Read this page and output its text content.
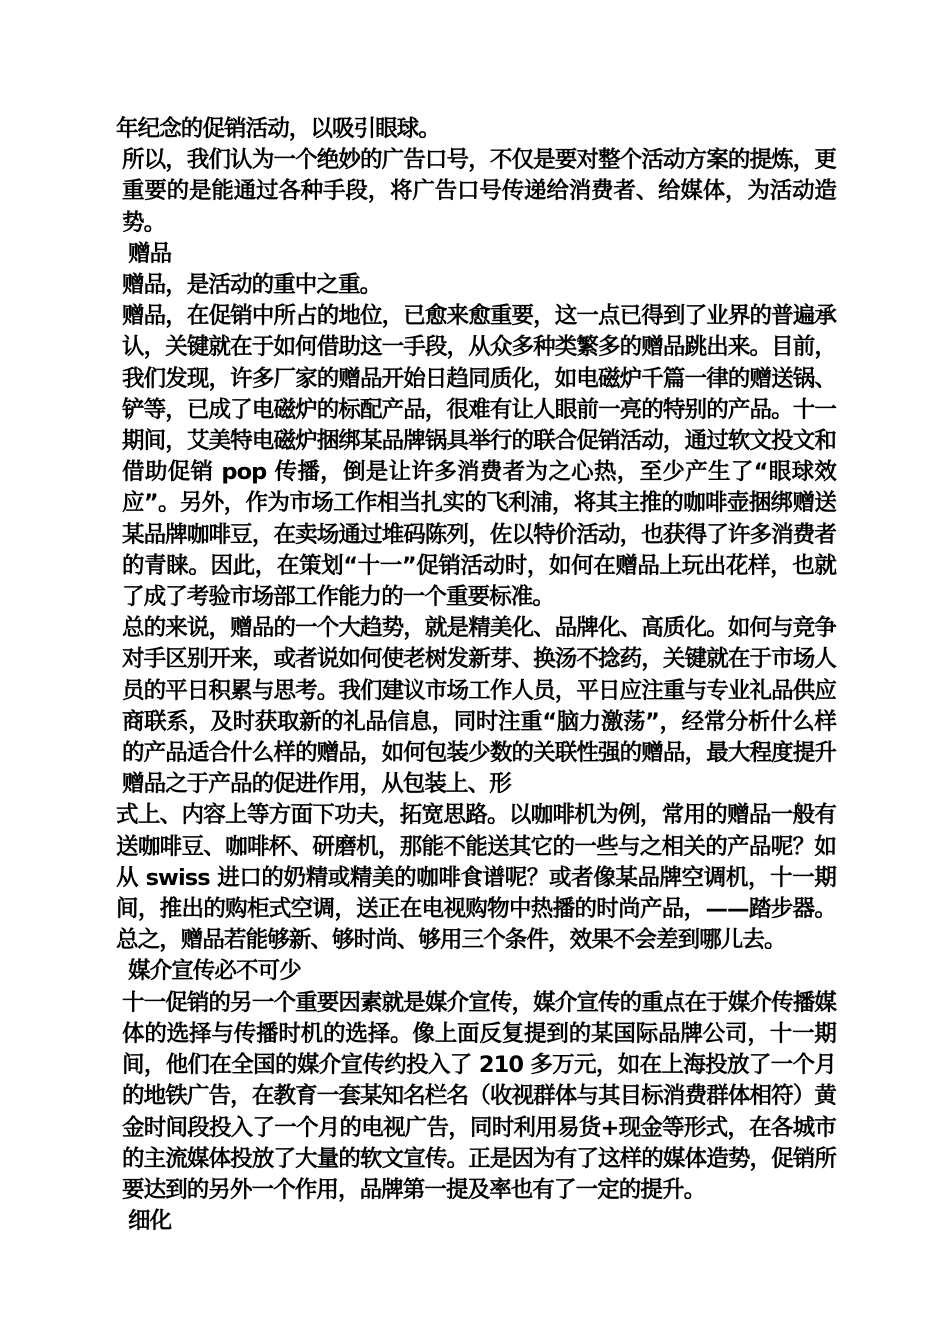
年纪念的促销活动，以吸引眼球。

所以，我们认为一个绝妙的广告口号，不仅是要对整个活动方案的提炼，更重要的是能通过各种手段，将广告口号传递给消费者、给媒体，为活动造势。

赠品

赠品，是活动的重中之重。

赠品，在促销中所占的地位，已愈来愈重要，这一点已得到了业界的普遍承认，关键就在于如何借助这一手段，从众多种类繁多的赠品跳出来。目前，我们发现，许多厂家的赠品开始日趋同质化，如电磁炉千篇一律的赠送锅、铲等，已成了电磁炉的标配产品，很难有让人眼前一亮的特别的产品。十一期间，艾美特电磁炉捆绑某品牌锅具举行的联合促销活动，通过软文投文和借助促销 pop 传播，倒是让许多消费者为之心热，至少产生了“眼球效应”。另外，作为市场工作相当扎实的飞利浦，将其主推的咖啡壶捆绑赠送某品牌咖啡豆，在卖场通过堆码陈列，佐以特价活动，也获得了许多消费者的青睐。因此，在策划“十一”促销活动时，如何在赠品上玩出花样，也就了成了考验市场部工作能力的一个重要标准。

总的来说，赠品的一个大趋势，就是精美化、品牌化、高质化。如何与竞争对手区别开来，或者说如何使老树发新芽、换汤不捻药，关键就在于市场人员的平日积累与思考。我们建议市场工作人员，平日应注重与专业礼品供应商联系，及时获取新的礼品信息，同时注重“脑力激荡”，经常分析什么样的产品适合什么样的赠品，如何包装少数的关联性强的赠品，最大程度提升赠品之于产品的促进作用，从包装上、形

式上、内容上等方面下功夫，拓宽思路。以咖啡机为例，常用的赠品一般有送咖啡豆、咖啡杯、研磨机，那能不能送其它的一些与之相关的产品呢？如从 swiss 进口的奶精或精美的咖啡食谱呢？或者像某品牌空调机，十一期间，推出的购柜式空调，送正在电视购物中热播的时尚产品，——踏步器。总之，赠品若能够新、够时尚、够用三个条件，效果不会差到哪儿去。

媒介宣传必不可少

十一促销的另一个重要因素就是媒介宣传，媒介宣传的重点在于媒介传播媒体的选择与传播时机的选择。像上面反复提到的某国际品牌公司，十一期间，他们在全国的媒介宣传约投入了 210 多万元，如在上海投放了一个月的地铁广告，在教育一套某知名栏名（收视群体与其目标消费群体相符）黄金时间段投入了一个月的电视广告，同时利用易货+现金等形式，在各城市的主流媒体投放了大量的软文宣传。正是因为有了这样的媒体造势，促销所要达到的另外一个作用，品牌第一提及率也有了一定的提升。

细化
